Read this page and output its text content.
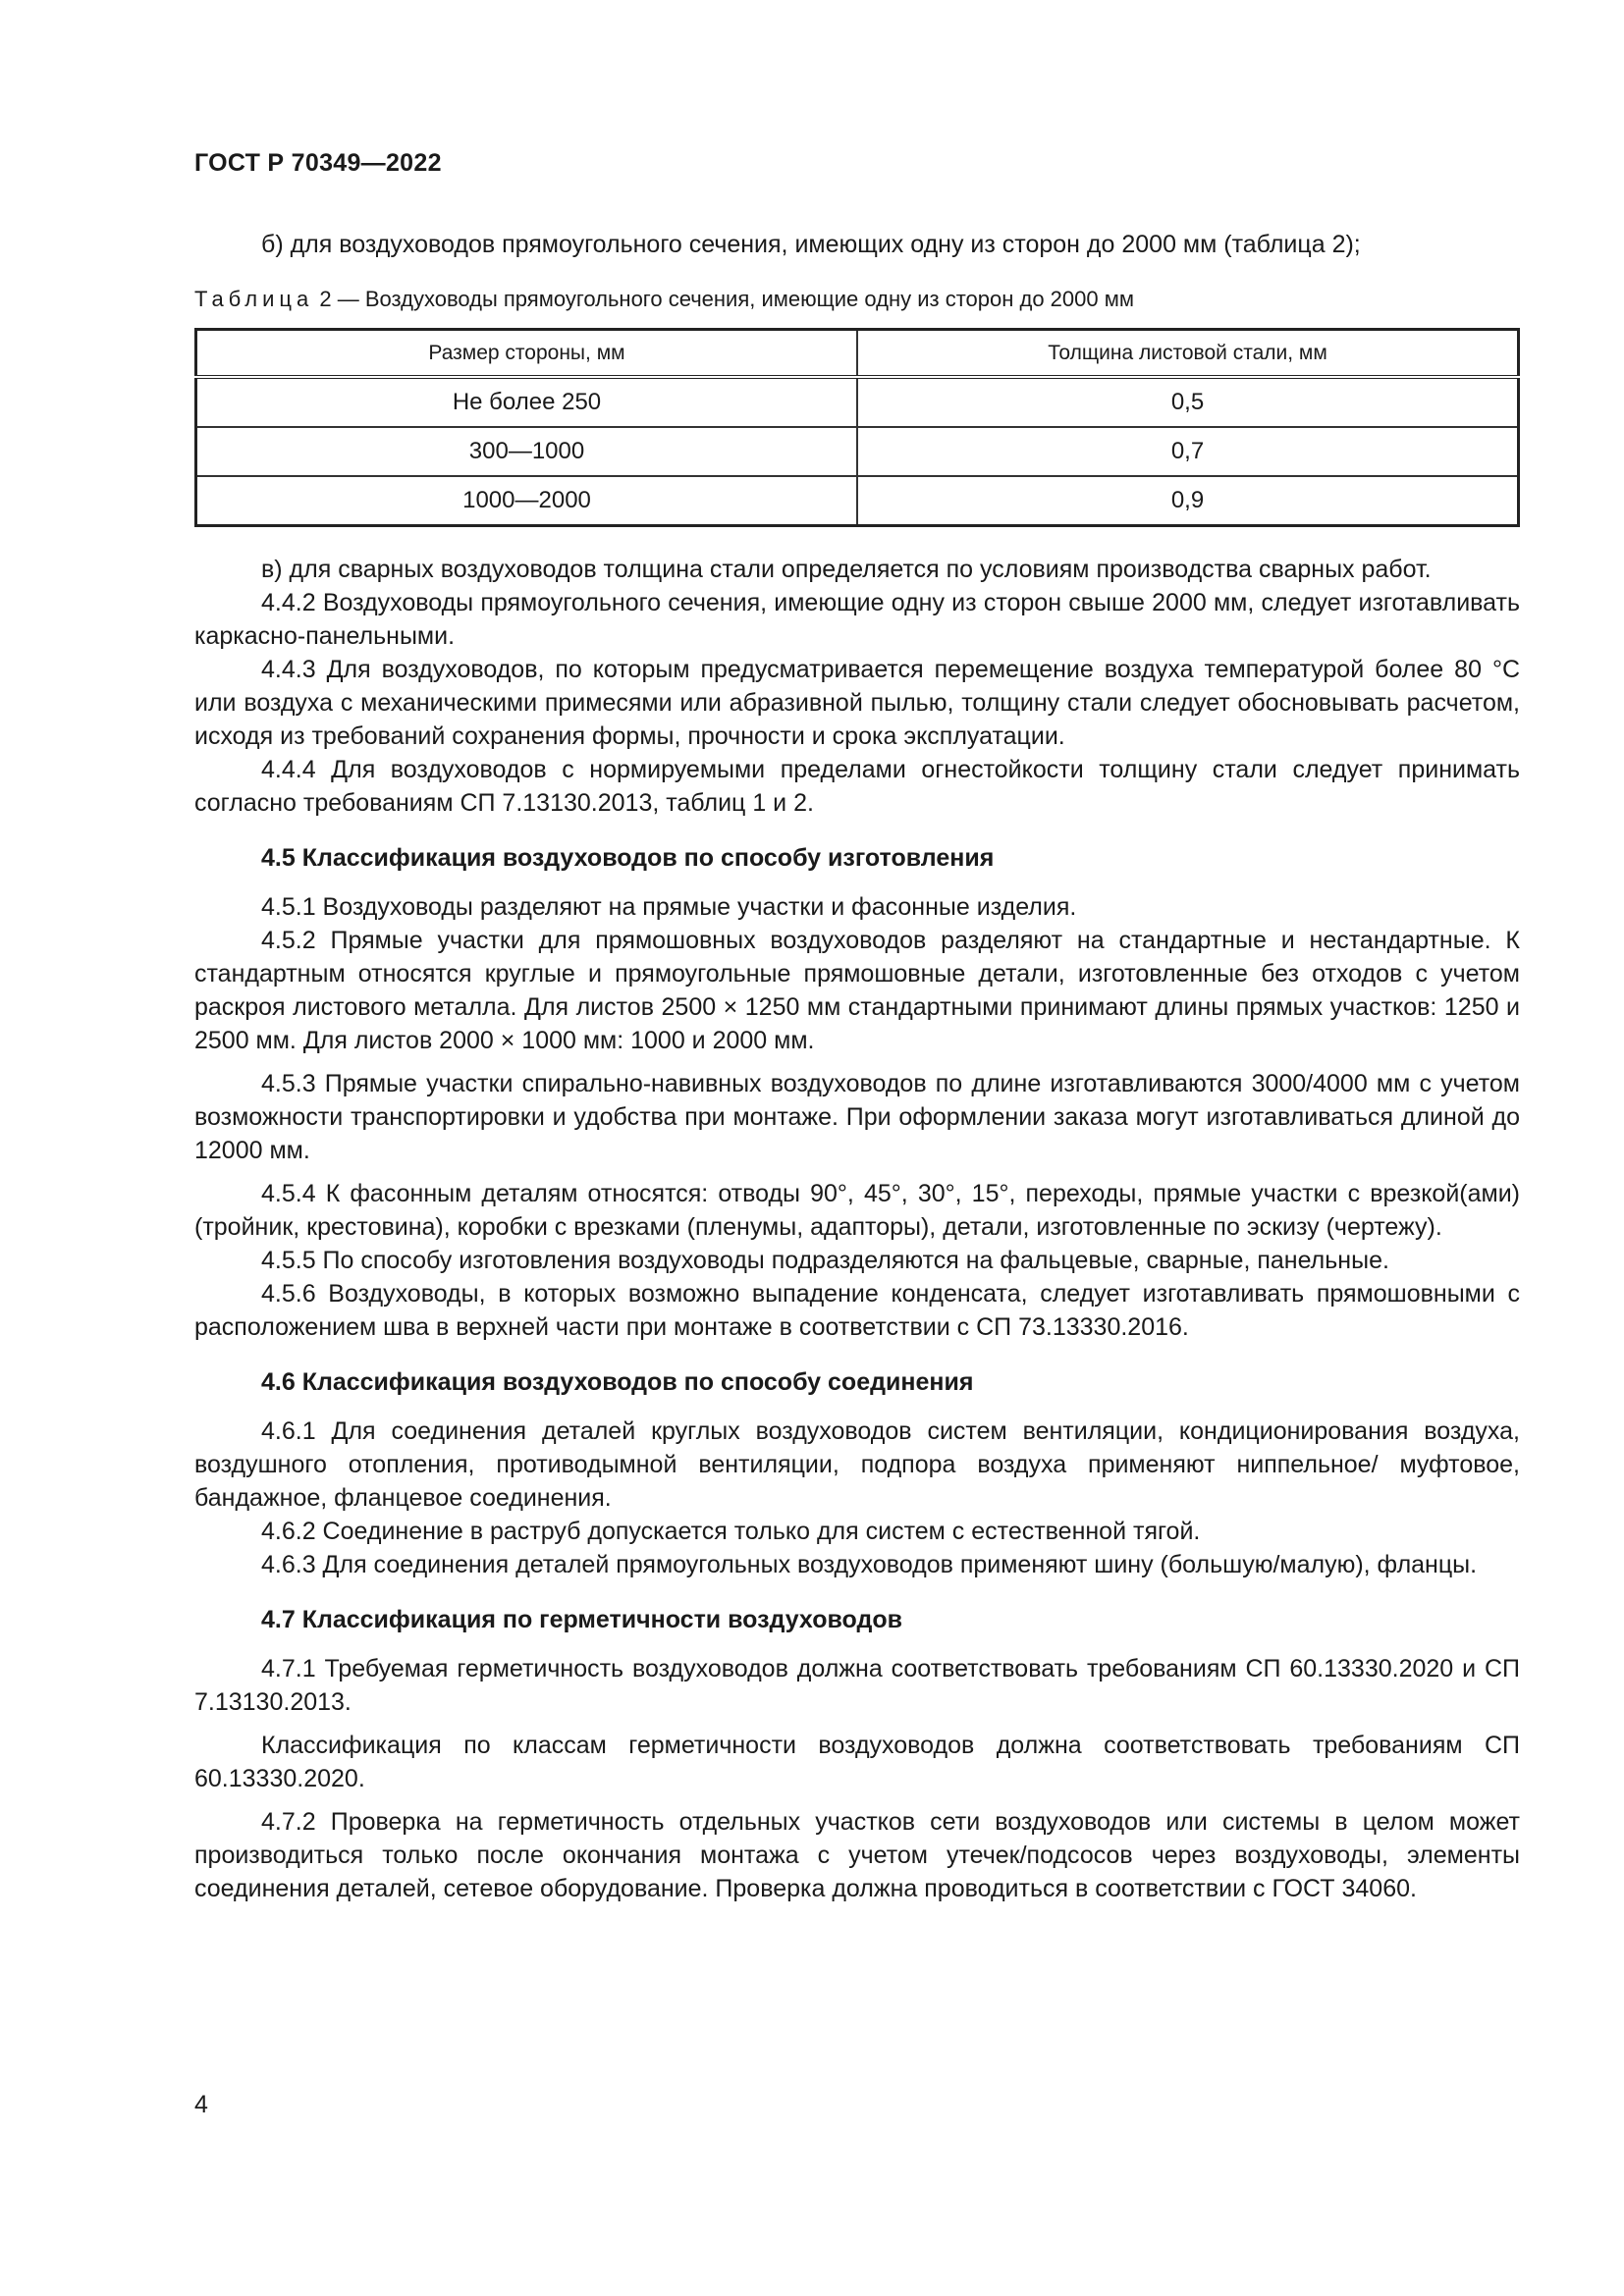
ГОСТ Р 70349—2022

б) для воздуховодов прямоугольного сечения, имеющих одну из сторон до 2000 мм (таблица 2);

Таблица 2 — Воздуховоды прямоугольного сечения, имеющие одну из сторон до 2000 мм
Размер стороны, мм	Толщина листовой стали, мм
Не более 250	0,5
300—1000	0,7
1000—2000	0,9

в) для сварных воздуховодов толщина стали определяется по условиям производства сварных работ.

4.4.2 Воздуховоды прямоугольного сечения, имеющие одну из сторон свыше 2000 мм, следует изготавливать каркасно-панельными.

4.4.3 Для воздуховодов, по которым предусматривается перемещение воздуха температурой более 80 °С или воздуха с механическими примесями или абразивной пылью, толщину стали следует обосновывать расчетом, исходя из требований сохранения формы, прочности и срока эксплуатации.

4.4.4 Для воздуховодов с нормируемыми пределами огнестойкости толщину стали следует принимать согласно требованиям СП 7.13130.2013, таблиц 1 и 2.

4.5 Классификация воздуховодов по способу изготовления

4.5.1 Воздуховоды разделяют на прямые участки и фасонные изделия.

4.5.2 Прямые участки для прямошовных воздуховодов разделяют на стандартные и нестандартные. К стандартным относятся круглые и прямоугольные прямошовные детали, изготовленные без отходов с учетом раскроя листового металла. Для листов 2500 × 1250 мм стандартными принимают длины прямых участков: 1250 и 2500 мм. Для листов 2000 × 1000 мм: 1000 и 2000 мм.

4.5.3 Прямые участки спирально-навивных воздуховодов по длине изготавливаются 3000/4000 мм с учетом возможности транспортировки и удобства при монтаже. При оформлении заказа могут изготавливаться длиной до 12000 мм.

4.5.4 К фасонным деталям относятся: отводы 90°, 45°, 30°, 15°, переходы, прямые участки с врезкой(ами) (тройник, крестовина), коробки с врезками (пленумы, адапторы), детали, изготовленные по эскизу (чертежу).

4.5.5 По способу изготовления воздуховоды подразделяются на фальцевые, сварные, панельные.

4.5.6 Воздуховоды, в которых возможно выпадение конденсата, следует изготавливать прямошовными с расположением шва в верхней части при монтаже в соответствии с СП 73.13330.2016.

4.6 Классификация воздуховодов по способу соединения

4.6.1 Для соединения деталей круглых воздуховодов систем вентиляции, кондиционирования воздуха, воздушного отопления, противодымной вентиляции, подпора воздуха применяют ниппельное/ муфтовое, бандажное, фланцевое соединения.

4.6.2 Соединение в раструб допускается только для систем с естественной тягой.

4.6.3 Для соединения деталей прямоугольных воздуховодов применяют шину (большую/малую), фланцы.

4.7 Классификация по герметичности воздуховодов

4.7.1 Требуемая герметичность воздуховодов должна соответствовать требованиям СП 60.13330.2020 и СП 7.13130.2013.

Классификация по классам герметичности воздуховодов должна соответствовать требованиям СП 60.13330.2020.

4.7.2 Проверка на герметичность отдельных участков сети воздуховодов или системы в целом может производиться только после окончания монтажа с учетом утечек/подсосов через воздуховоды, элементы соединения деталей, сетевое оборудование. Проверка должна проводиться в соответствии с ГОСТ 34060.

4
